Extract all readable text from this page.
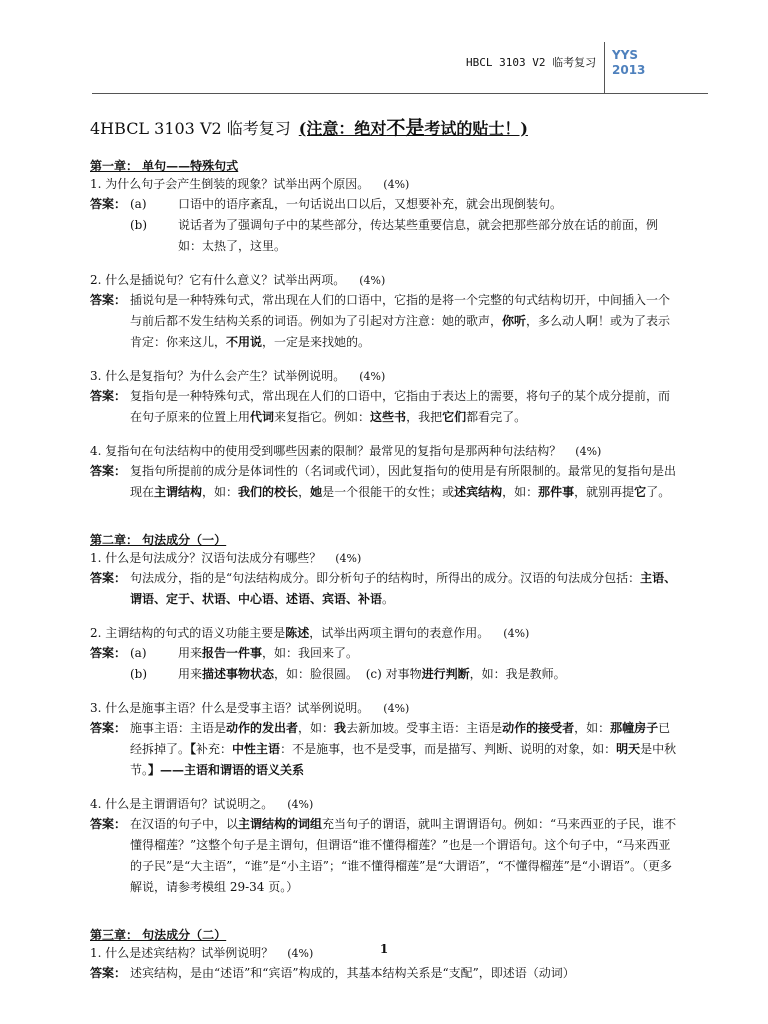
HBCL 3103 V2 临考复习
YYS
2013
4HBCL 3103 V2 临考复习 (注意：绝对不是考试的贴士！)
第一章： 单句——特殊句式
1. 为什么句子会产生倒装的现象？试举出两个原因。 (4%)
答案： (a)	口语中的语序紊乱，一句话说出口以后，又想要补充，就会出现倒装句。
(b)	说话者为了强调句子中的某些部分，传达某些重要信息，就会把那些部分放在话的前面，例如：太热了，这里。
2. 什么是插说句？它有什么意义？试举出两项。 (4%)
答案： 插说句是一种特殊句式，常出现在人们的口语中，它指的是将一个完整的句式结构切开，中间插入一个与前后都不发生结构关系的词语。例如为了引起对方注意：她的歌声，你听，多么动人啊！或为了表示肯定：你来这儿，不用说，一定是来找她的。
3. 什么是复指句？为什么会产生？试举例说明。 (4%)
答案： 复指句是一种特殊句式，常出现在人们的口语中，它指由于表达上的需要，将句子的某个成分提前，而在句子原来的位置上用代词来复指它。例如：这些书，我把它们都看完了。
4. 复指句在句法结构中的使用受到哪些因素的限制？最常见的复指句是那两种句法结构？ (4%)
答案： 复指句所提前的成分是体词性的（名词或代词），因此复指句的使用是有所限制的。最常见的复指句是出现在主谓结构，如：我们的校长，她是一个很能干的女性；或述宾结构，如：那件事，就别再提它了。
第二章： 句法成分（一）
1. 什么是句法成分？汉语句法成分有哪些？ (4%)
答案： 句法成分，指的是“句法结构成分。即分析句子的结构时，所得出的成分。汉语的句法成分包括：主语、谓语、定于、状语、中心语、述语、宾语、补语。
2. 主谓结构的句式的语义功能主要是陈述，试举出两项主谓句的表意作用。 (4%)
答案： (a)	用来报告一件事，如：我回来了。
(b)	用来描述事物状态，如：脸很圆。 (c) 对事物进行判断，如：我是教师。
3. 什么是施事主语？什么是受事主语？试举例说明。 (4%)
答案： 施事主语：主语是动作的发出者，如：我去新加坡。受事主语：主语是动作的接受者，如：那幢房子已经拆掉了。【补充：中性主语：不是施事，也不是受事，而是描写、判断、说明的对象，如：明天是中秋节。】——主语和谓语的语义关系
4. 什么是主谓谓语句？试说明之。 (4%)
答案： 在汉语的句子中，以主谓结构的词组充当句子的谓语，就叫主谓谓语句。例如：“马来西亚的子民，谁不懂得榴莲？”这整个句子是主谓句，但谓语“谁不懂得榴莲？”也是一个谓语句。这个句子中，“马来西亚的子民”是“大主语”，“谁”是“小主语”；“谁不懂得榴莲”是“大谓语”，“不懂得榴莲”是“小谓语”。（更多解说，请参考模组 29-34 页。）
第三章： 句法成分（二）
1. 什么是述宾结构？试举例说明？ (4%)
答案： 述宾结构，是由“述语”和“宾语”构成的，其基本结构关系是“支配”，即述语（动词）
1
